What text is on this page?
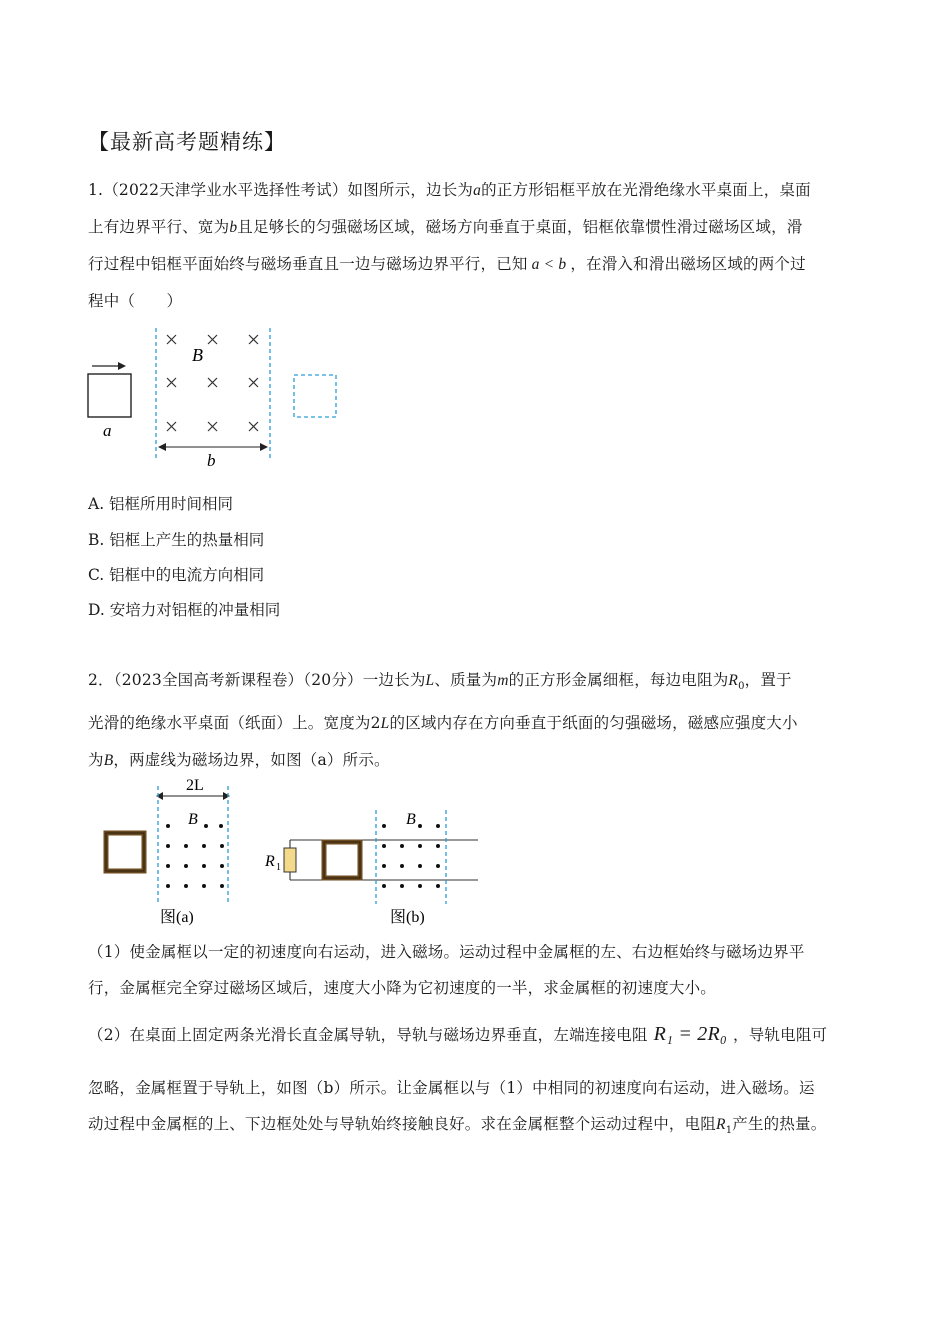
【最新高考题精练】
1.（2022天津学业水平选择性考试）如图所示，边长为a的正方形铝框平放在光滑绝缘水平桌面上，桌面
上有边界平行、宽为b且足够长的匀强磁场区域，磁场方向垂直于桌面，铝框依靠惯性滑过磁场区域，滑
行过程中铝框平面始终与磁场垂直且一边与磁场边界平行，已知 a < b ，在滑入和滑出磁场区域的两个过
程中（　　）
a
B
b
A. 铝框所用时间相同
B. 铝框上产生的热量相同
C. 铝框中的电流方向相同
D. 安培力对铝框的冲量相同
2．（2023全国高考新课程卷）（20分）一边长为L、质量为m的正方形金属细框，每边电阻为$R_0$，置于
光滑的绝缘水平桌面（纸面）上。宽度为2L的区域内存在方向垂直于纸面的匀强磁场，磁感应强度大小
为B，两虚线为磁场边界，如图（a）所示。
2L
B
图(a)
R 1
B
图(b)
（1）使金属框以一定的初速度向右运动，进入磁场。运动过程中金属框的左、右边框始终与磁场边界平
行，金属框完全穿过磁场区域后，速度大小降为它初速度的一半，求金属框的初速度大小。
（2）在桌面上固定两条光滑长直金属导轨，导轨与磁场边界垂直，左端连接电阻 R₁ = 2R₀ ，导轨电阻可
忽略，金属框置于导轨上，如图（b）所示。让金属框以与（1）中相同的初速度向右运动，进入磁场。运
动过程中金属框的上、下边框处处与导轨始终接触良好。求在金属框整个运动过程中，电阻$R_1$产生的热量。
